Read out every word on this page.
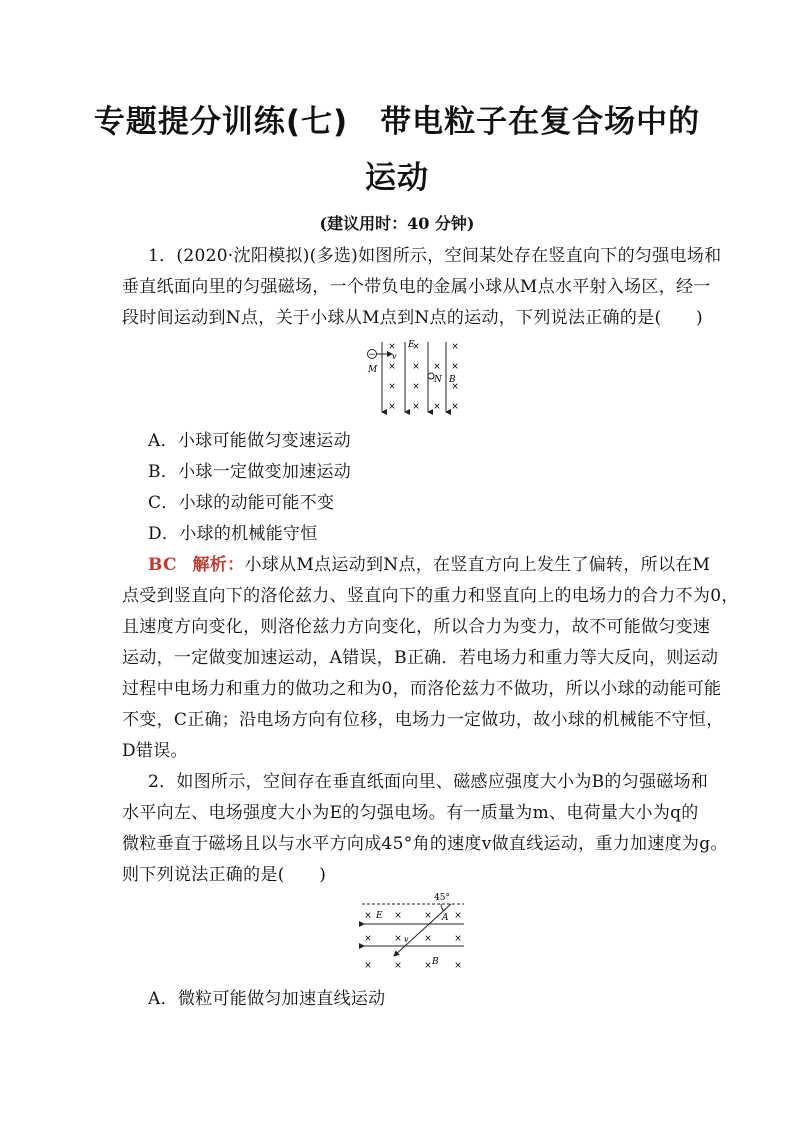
专题提分训练(七)　带电粒子在复合场中的
运动
(建议用时：40 分钟)
1．(2020·沈阳模拟)(多选)如图所示，空间某处存在竖直向下的匀强电场和
垂直纸面向里的匀强磁场，一个带负电的金属小球从M点水平射入场区，经一
段时间运动到N点，关于小球从M点到N点的运动，下列说法正确的是(　　)
−
M
v
E
N B
×
×
×
×
×
×
×
×
×
×
×
×
×
×
A．小球可能做匀变速运动
B．小球一定做变加速运动
C．小球的动能可能不变
D．小球的机械能守恒
BC 解析：小球从M点运动到N点，在竖直方向上发生了偏转，所以在M
点受到竖直向下的洛伦兹力、竖直向下的重力和竖直向上的电场力的合力不为0，
且速度方向变化，则洛伦兹力方向变化，所以合力为变力，故不可能做匀变速
运动，一定做变加速运动，A错误，B正确．若电场力和重力等大反向，则运动
过程中电场力和重力的做功之和为0，而洛伦兹力不做功，所以小球的动能可能
不变，C正确；沿电场方向有位移，电场力一定做功，故小球的机械能不守恒，
D错误。
2．如图所示，空间存在垂直纸面向里、磁感应强度大小为B的匀强磁场和
水平向左、电场强度大小为E的匀强电场。有一质量为m、电荷量大小为q的
微粒垂直于磁场且以与水平方向成45°角的速度v做直线运动，重力加速度为g。
则下列说法正确的是(　　)
45°
E	A
v
B
× × × ×
× × × ×
× × × ×
A．微粒可能做匀加速直线运动
